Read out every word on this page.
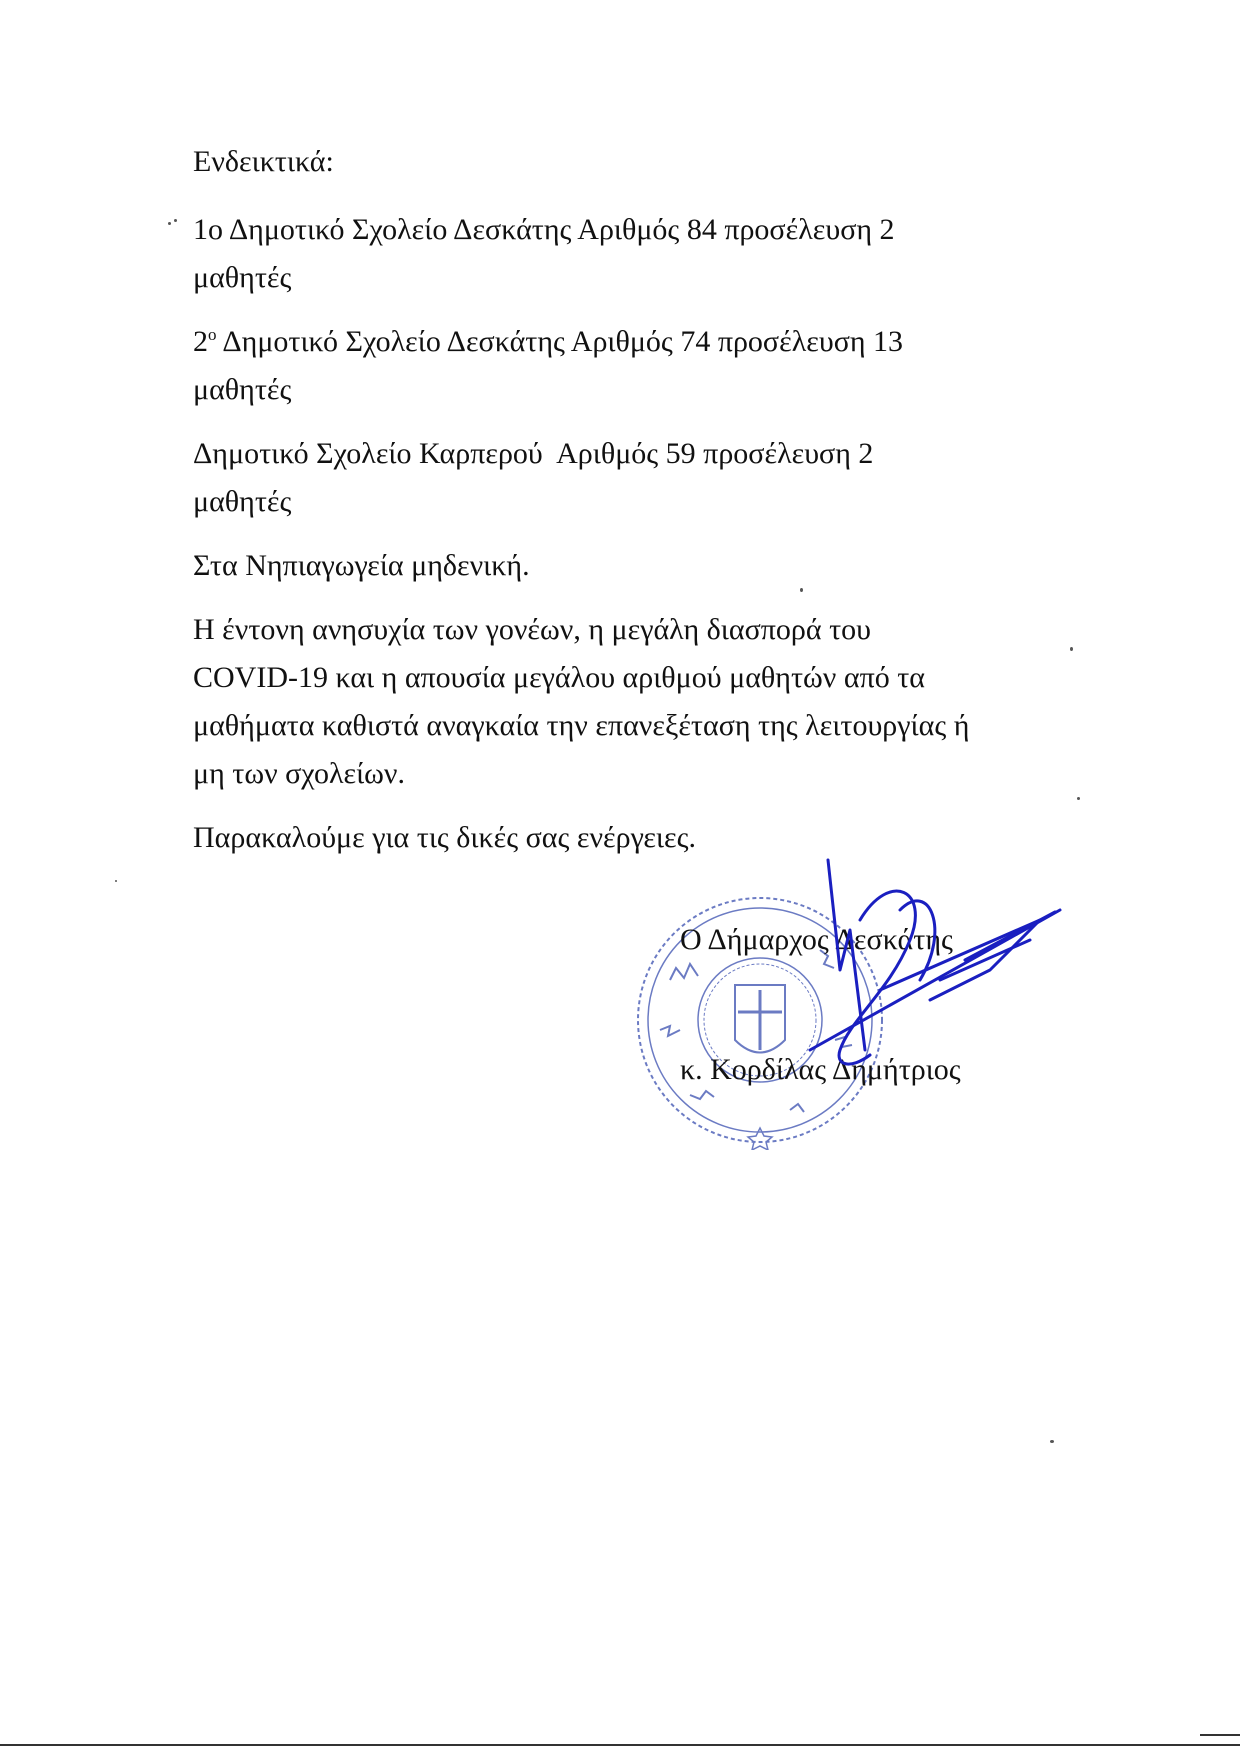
Ενδεικτικά:

1ο Δημοτικό Σχολείο Δεσκάτης Αριθμός 84 προσέλευση 2
μαθητές

$2^o$ Δημοτικό Σχολείο Δεσκάτης Αριθμός 74 προσέλευση 13
μαθητές

Δημοτικό Σχολείο Καρπερού  Αριθμός 59 προσέλευση 2
μαθητές

Στα Νηπιαγωγεία μηδενική.

Η έντονη ανησυχία των γονέων, η μεγάλη διασπορά του
COVID-19 και η απουσία μεγάλου αριθμού μαθητών από τα
μαθήματα καθιστά αναγκαία την επανεξέταση της λειτουργίας ή
μη των σχολείων.

Παρακαλούμε για τις δικές σας ενέργειες.

Ο Δήμαρχος Δεσκάτης
κ. Κορδίλας Δημήτριος
